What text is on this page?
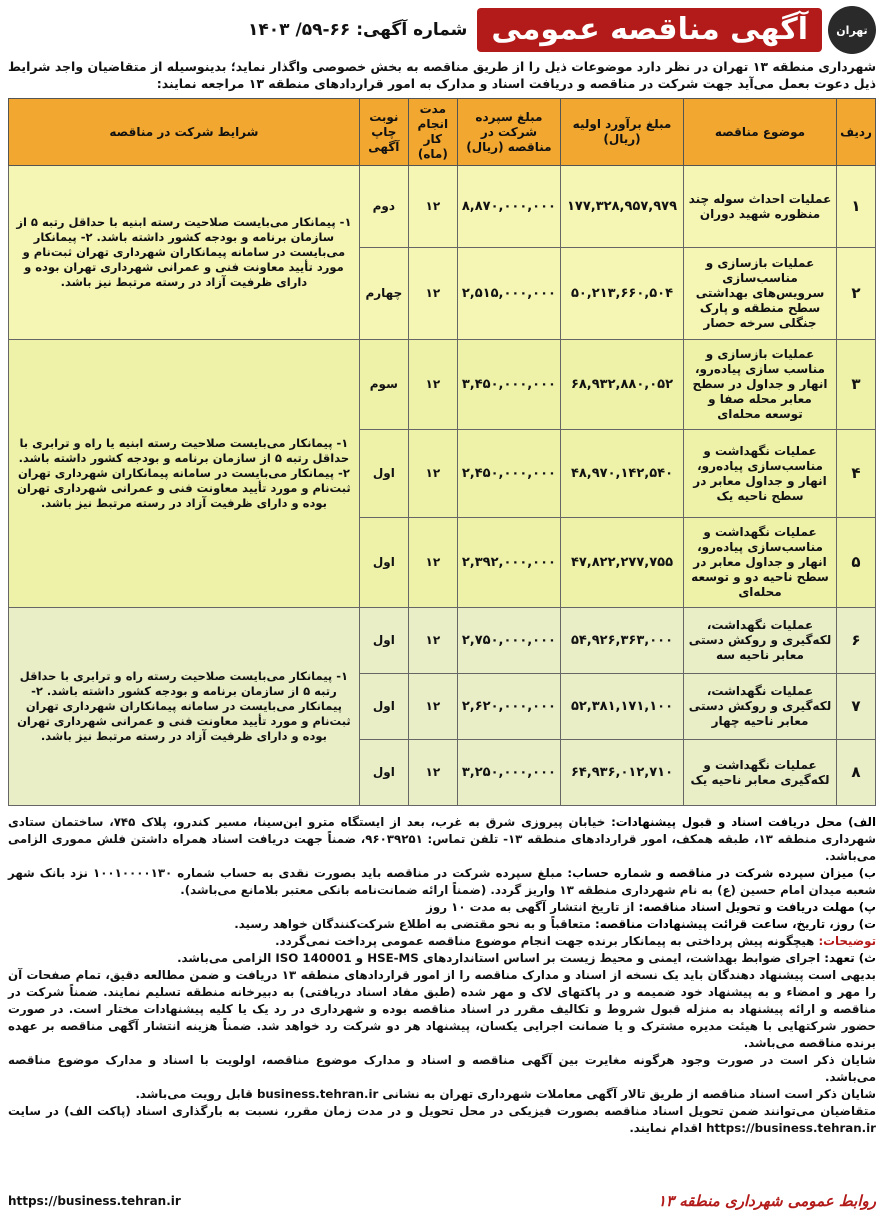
تهران
آگهی مناقصه عمومی
شماره آگهی: ۶۶-۵۹/ ۱۴۰۳
شهرداری منطقه ۱۳ تهران در نظر دارد موضوعات ذیل را از طریق مناقصه به بخش خصوصی واگذار نماید؛ بدینوسیله از متقاضیان واجد شرایط ذیل دعوت بعمل می‌آید جهت شرکت در مناقصه و دریافت اسناد و مدارک به امور قراردادهای منطقه ۱۳ مراجعه نمایند:
ردیف	موضوع مناقصه	مبلغ برآورد اولیه (ریال)	مبلغ سپرده شرکت در مناقصه (ریال)	مدت انجام کار (ماه)	نوبت چاپ آگهی	شرایط شرکت در مناقصه
۱	عملیات احداث سوله چند منظوره شهید دوران	۱۷۷,۳۲۸,۹۵۷,۹۷۹	۸,۸۷۰,۰۰۰,۰۰۰	۱۲	دوم	۱- پیمانکار می‌بایست صلاحیت رسته ابنیه با حداقل رتبه ۵ از سازمان برنامه و بودجه کشور داشته باشد. ۲- پیمانکار می‌بایست در سامانه پیمانکاران شهرداری تهران ثبت‌نام و مورد تأیید معاونت فنی و عمرانی شهرداری تهران بوده و دارای ظرفیت آزاد در رسته مرتبط نیز باشد.
۲	عملیات بازسازی و مناسب‌سازی سرویس‌های بهداشتی سطح منطقه و پارک جنگلی سرخه حصار	۵۰,۲۱۳,۶۶۰,۵۰۴	۲,۵۱۵,۰۰۰,۰۰۰	۱۲	چهارم	
۳	عملیات بازسازی و مناسب سازی پیاده‌رو، انهار و جداول در سطح معابر محله صفا و توسعه محله‌ای	۶۸,۹۳۲,۸۸۰,۰۵۲	۳,۴۵۰,۰۰۰,۰۰۰	۱۲	سوم	۱- پیمانکار می‌بایست صلاحیت رسته ابنیه یا راه و ترابری با حداقل رتبه ۵ از سازمان برنامه و بودجه کشور داشته باشد. ۲- پیمانکار می‌بایست در سامانه پیمانکاران شهرداری تهران ثبت‌نام و مورد تأیید معاونت فنی و عمرانی شهرداری تهران بوده و دارای ظرفیت آزاد در رسته مرتبط نیز باشد.
۴	عملیات نگهداشت و مناسب‌سازی پیاده‌رو، انهار و جداول معابر در سطح ناحیه یک	۴۸,۹۷۰,۱۴۲,۵۴۰	۲,۴۵۰,۰۰۰,۰۰۰	۱۲	اول	
۵	عملیات نگهداشت و مناسب‌سازی پیاده‌رو، انهار و جداول معابر در سطح ناحیه دو و توسعه محله‌ای	۴۷,۸۲۲,۲۷۷,۷۵۵	۲,۳۹۲,۰۰۰,۰۰۰	۱۲	اول	
۶	عملیات نگهداشت، لکه‌گیری و روکش دستی معابر ناحیه سه	۵۴,۹۲۶,۳۶۳,۰۰۰	۲,۷۵۰,۰۰۰,۰۰۰	۱۲	اول	۱- پیمانکار می‌بایست صلاحیت رسته راه و ترابری با حداقل رتبه ۵ از سازمان برنامه و بودجه کشور داشته باشد. ۲- پیمانکار می‌بایست در سامانه پیمانکاران شهرداری تهران ثبت‌نام و مورد تأیید معاونت فنی و عمرانی شهرداری تهران بوده و دارای ظرفیت آزاد در رسته مرتبط نیز باشد.
۷	عملیات نگهداشت، لکه‌گیری و روکش دستی معابر ناحیه چهار	۵۲,۳۸۱,۱۷۱,۱۰۰	۲,۶۲۰,۰۰۰,۰۰۰	۱۲	اول	
۸	عملیات نگهداشت و لکه‌گیری معابر ناحیه یک	۶۴,۹۳۶,۰۱۲,۷۱۰	۳,۲۵۰,۰۰۰,۰۰۰	۱۲	اول	

الف) محل دریافت اسناد و قبول پیشنهادات: خیابان پیروزی شرق به غرب، بعد از ایستگاه مترو ابن‌سینا، مسیر کندرو، پلاک ۷۴۵، ساختمان ستادی شهرداری منطقه ۱۳، طبقه همکف، امور قراردادهای منطقه ۱۳- تلفن تماس: ۹۶۰۳۹۲۵۱، ضمناً جهت دریافت اسناد همراه داشتن فلش مموری الزامی می‌باشد.

ب) میزان سپرده شرکت در مناقصه و شماره حساب: مبلغ سپرده شرکت در مناقصه باید بصورت نقدی به حساب شماره ۱۰۰۱۰۰۰۰۱۳۰ نزد بانک شهر شعبه میدان امام حسین (ع) به نام شهرداری منطقه ۱۳ واریز گردد. (ضمناً ارائه ضمانت‌نامه بانکی معتبر بلامانع می‌باشد).

پ) مهلت دریافت و تحویل اسناد مناقصه: از تاریخ انتشار آگهی به مدت ۱۰ روز

ت) روز، تاریخ، ساعت قرائت پیشنهادات مناقصه: متعاقباً و به نحو مقتضی به اطلاع شرکت‌کنندگان خواهد رسید.

توضیحات: هیچگونه پیش پرداختی به پیمانکار برنده جهت انجام موضوع مناقصه عمومی پرداخت نمی‌گردد.

ث) تعهد: اجرای ضوابط بهداشت، ایمنی و محیط زیست بر اساس استانداردهای HSE-MS و ISO 140001 الزامی می‌باشد.

بدیهی است پیشنهاد دهندگان باید یک نسخه از اسناد و مدارک مناقصه را از امور قراردادهای منطقه ۱۳ دریافت و ضمن مطالعه دقیق، تمام صفحات آن را مهر و امضاء و به پیشنهاد خود ضمیمه و در پاکتهای لاک و مهر شده (طبق مفاد اسناد دریافتی) به دبیرخانه منطقه تسلیم نمایند. ضمناً شرکت در مناقصه و ارائه پیشنهاد به منزله قبول شروط و تکالیف مقرر در اسناد مناقصه بوده و شهرداری در رد یک یا کلیه پیشنهادات مختار است. در صورت حضور شرکتهایی با هیئت مدیره مشترک و یا ضمانت اجرایی یکسان، پیشنهاد هر دو شرکت رد خواهد شد. ضمناً هزینه انتشار آگهی مناقصه بر عهده برنده مناقصه می‌باشد.

شایان ذکر است در صورت وجود هرگونه مغایرت بین آگهی مناقصه و اسناد و مدارک موضوع مناقصه، اولویت با اسناد و مدارک موضوع مناقصه می‌باشد.

شایان ذکر است اسناد مناقصه از طریق تالار آگهی معاملات شهرداری تهران به نشانی business.tehran.ir قابل رویت می‌باشد.

متقاضیان می‌توانند ضمن تحویل اسناد مناقصه بصورت فیزیکی در محل تحویل و در مدت زمان مقرر، نسبت به بارگذاری اسناد (پاکت الف) در سایت https://business.tehran.ir اقدام نمایند.

روابط عمومی شهرداری منطقه ۱۳
https://business.tehran.ir
